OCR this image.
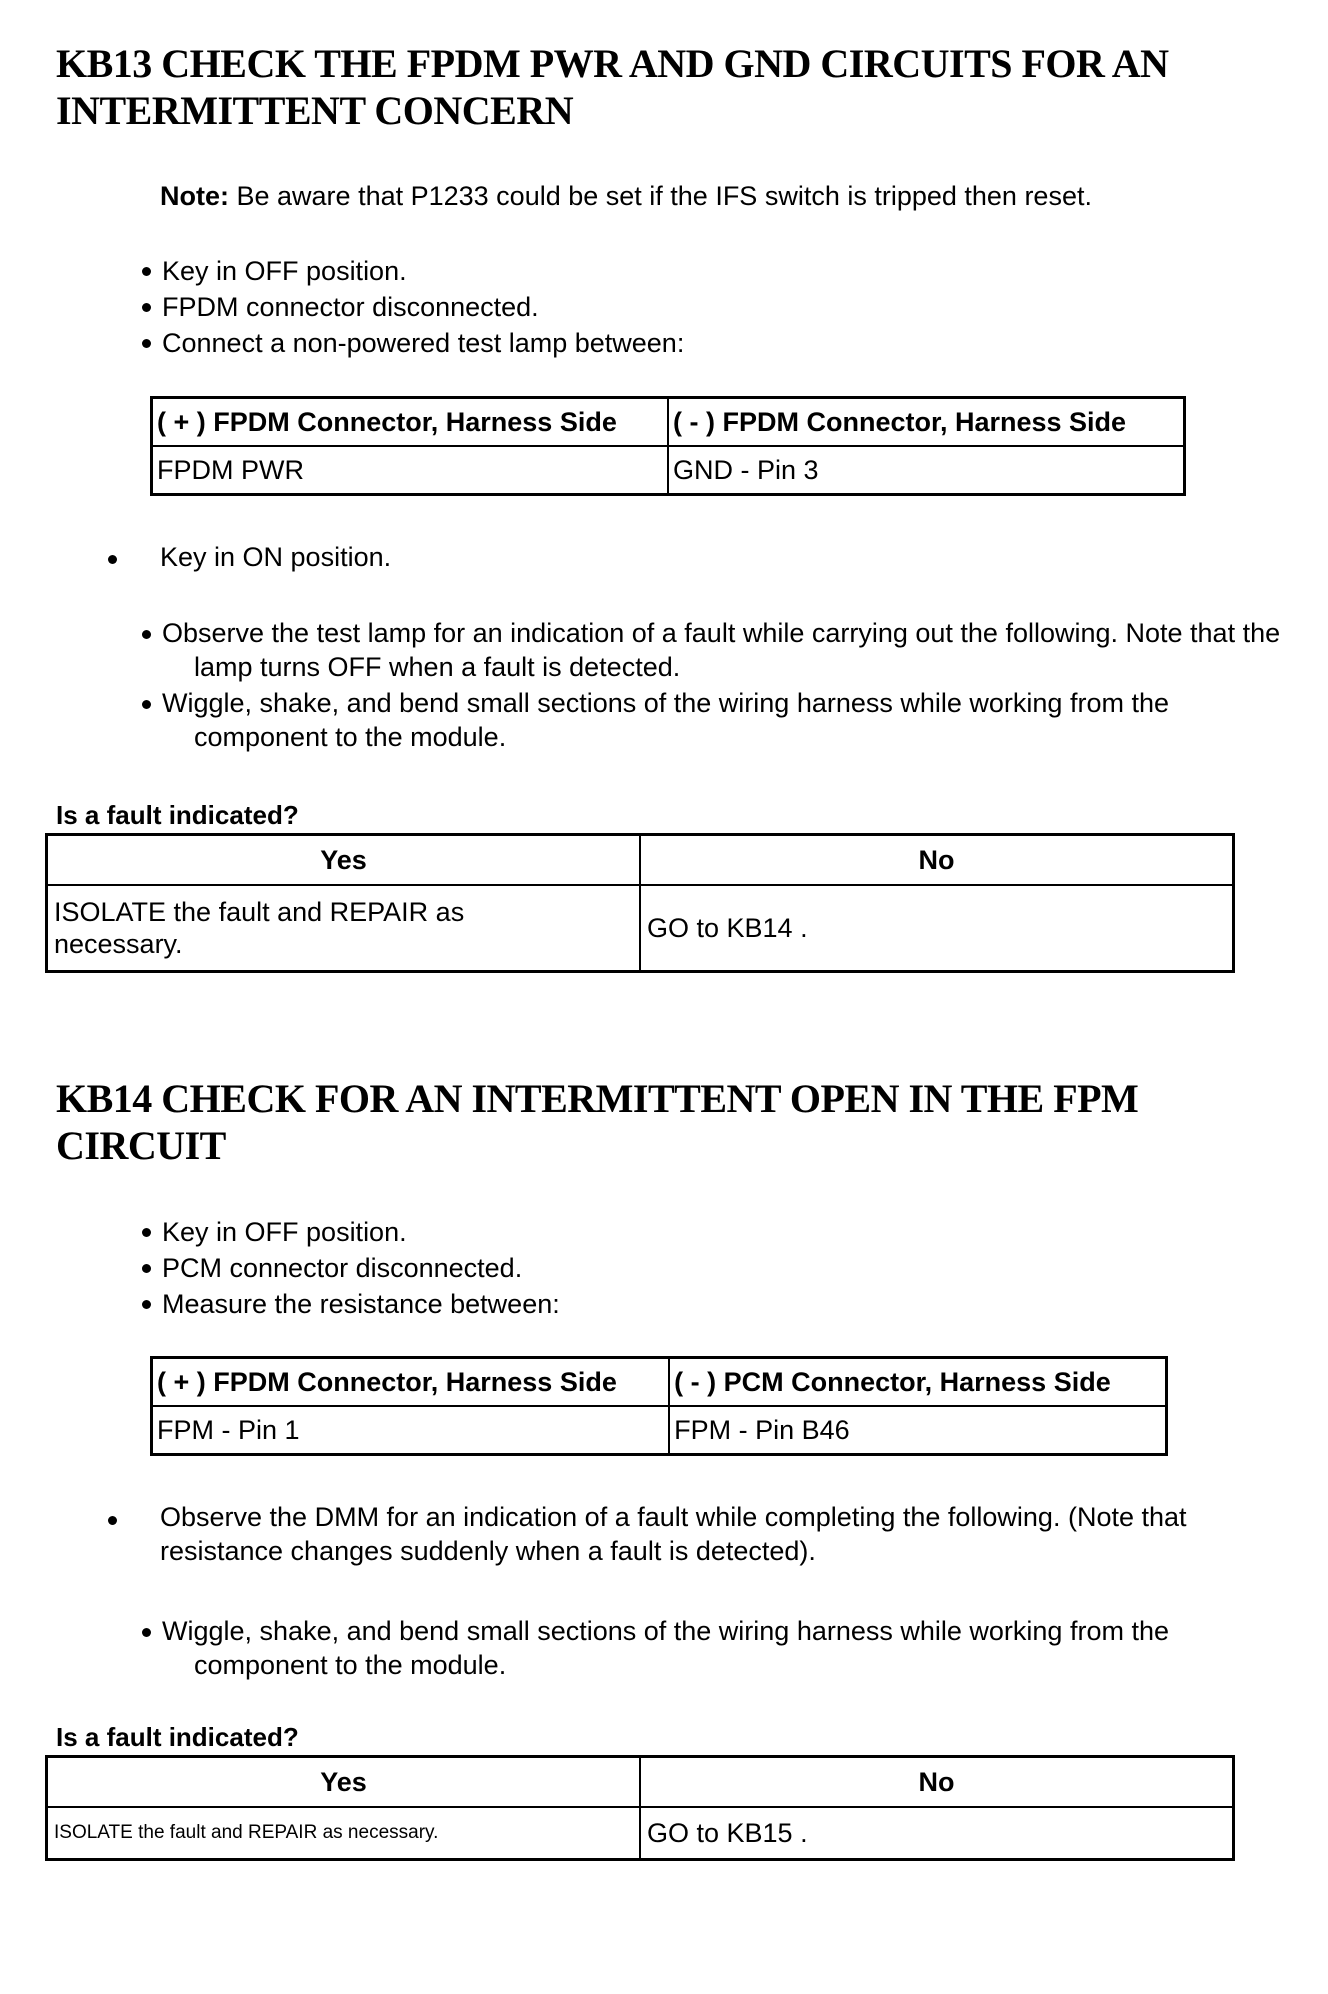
KB13 CHECK THE FPDM PWR AND GND CIRCUITS FOR AN INTERMITTENT CONCERN
Note: Be aware that P1233 could be set if the IFS switch is tripped then reset.
Key in OFF position.
FPDM connector disconnected.
Connect a non-powered test lamp between:
( + ) FPDM Connector, Harness Side	( - ) FPDM Connector, Harness Side
FPDM PWR	GND - Pin 3
Key in ON position.
Observe the test lamp for an indication of a fault while carrying out the following. Note that the lamp turns OFF when a fault is detected.
Wiggle, shake, and bend small sections of the wiring harness while working from the component to the module.
Is a fault indicated?
Yes	No
ISOLATE the fault and REPAIR as necessary.	GO to KB14 .
KB14 CHECK FOR AN INTERMITTENT OPEN IN THE FPM CIRCUIT
Key in OFF position.
PCM connector disconnected.
Measure the resistance between:
( + ) FPDM Connector, Harness Side	( - ) PCM Connector, Harness Side
FPM - Pin 1	FPM - Pin B46
Observe the DMM for an indication of a fault while completing the following. (Note that resistance changes suddenly when a fault is detected).
Wiggle, shake, and bend small sections of the wiring harness while working from the component to the module.
Is a fault indicated?
Yes	No
ISOLATE the fault and REPAIR as necessary.	GO to KB15 .
